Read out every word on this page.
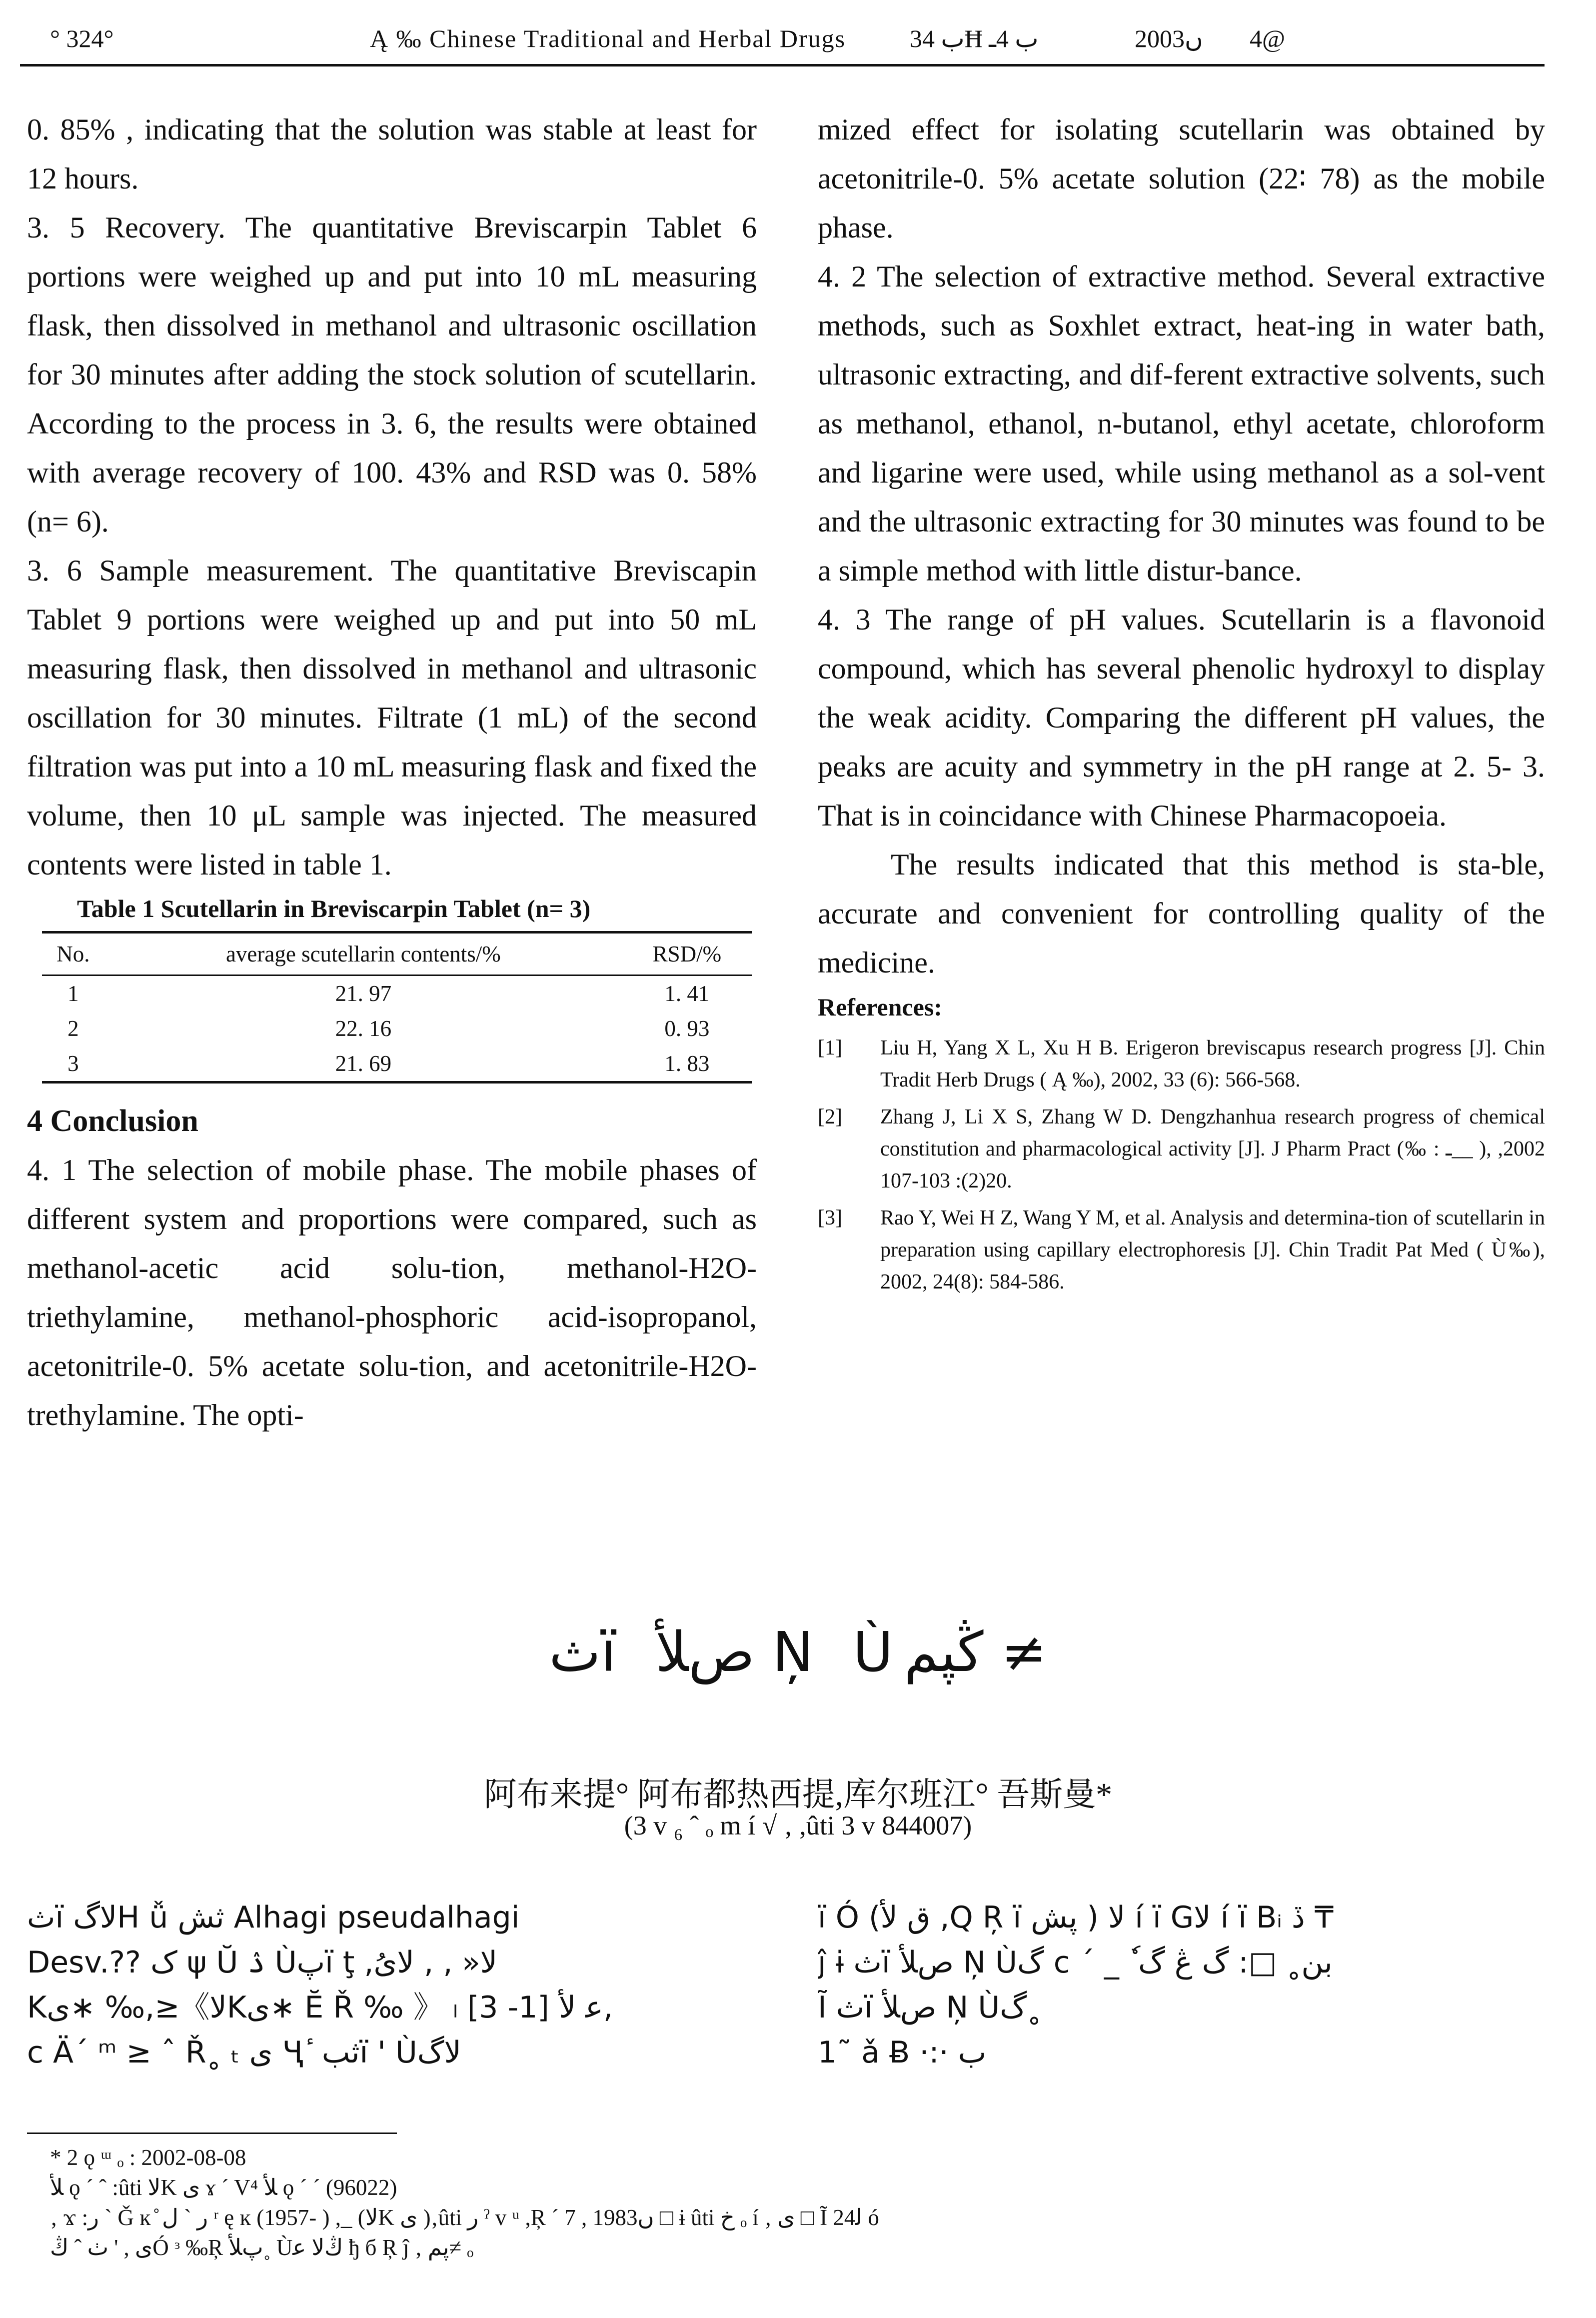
° 324°	Ą ‰ Chinese Traditional and Herbal Drugs	ب 34Ħ ب 4ـ	2003ں 4@

0. 85% , indicating that the solution was stable at least for 12 hours.

3. 5 Recovery. The quantitative Breviscarpin Tablet 6 portions were weighed up and put into 10 mL measuring flask, then dissolved in methanol and ultrasonic oscillation for 30 minutes after adding the stock solution of scutellarin. According to the process in 3. 6, the results were obtained with average recovery of 100. 43% and RSD was 0. 58% (n= 6).

3. 6 Sample measurement. The quantitative Breviscapin Tablet 9 portions were weighed up and put into 50 mL measuring flask, then dissolved in methanol and ultrasonic oscillation for 30 minutes. Filtrate (1 mL) of the second filtration was put into a 10 mL measuring flask and fixed the volume, then 10 μL sample was injected. The measured contents were listed in table 1.

Table 1 Scutellarin in Breviscarpin Tablet (n= 3)
No.	average scutellarin contents/%	RSD/%
1	21. 97	1. 41
2	22. 16	0. 93
3	21. 69	1. 83

4 Conclusion

4. 1 The selection of mobile phase. The mobile phases of different system and proportions were compared, such as methanol-acetic acid solu-tion, methanol-H2O-triethylamine, methanol-phosphoric acid-isopropanol, acetonitrile-0. 5% acetate solu-tion, and acetonitrile-H2O-trethylamine. The opti-

mized effect for isolating scutellarin was obtained by acetonitrile-0. 5% acetate solution (22∶ 78) as the mobile phase.

4. 2 The selection of extractive method. Several extractive methods, such as Soxhlet extract, heat-ing in water bath, ultrasonic extracting, and dif-ferent extractive solvents, such as methanol, ethanol, n-butanol, ethyl acetate, chloroform and ligarine were used, while using methanol as a sol-vent and the ultrasonic extracting for 30 minutes was found to be a simple method with little distur-bance.

4. 3 The range of pH values. Scutellarin is a flavonoid compound, which has several phenolic hydroxyl to display the weak acidity. Comparing the different pH values, the peaks are acuity and symmetry in the pH range at 2. 5- 3. That is in coincidance with Chinese Pharmacopoeia.

The results indicated that this method is sta-ble, accurate and convenient for controlling quality of the medicine.

References:
[1]	Liu H, Yang X L, Xu H B. Erigeron breviscapus research progress [J]. Chin Tradit Herb Drugs ( Ą ‰), 2002, 33 (6): 566-568.
[2]	Zhang J, Li X S, Zhang W D. Dengzhanhua research progress of chemical constitution and pharmacological activity [J]. J Pharm Pract (‰ : ـ__ ), 2002, 20(2): 103-107.
[3]	Rao Y, Wei H Z, Wang Y M, et al. Analysis and determina-tion of scutellarin in preparation using capillary electrophoresis [J]. Chin Tradit Pat Med ( Ù‰), 2002, 24(8): 584-586.
ثï صﻸ Ņ Ùڭپم ≠
阿布来提° 阿布都热西提,库尔班江° 吾斯曼*
(3 v ₆ ˆ ₒ m í √ ‚ ,ûti 3 v 844007)

ثï ﻻگH ǚ ثش Alhagi pseudalhagi

Desv.?? ک ψ Ŭ ۮ Ùپï ţ ,ﻻ« ‚ ‚ ﻻىُ

Kى∗ ‰,≥《ﻻKى∗ Ĕ Ř ‰ 》 ₗ ﻋ ﻷ [1- 3],

c Ä´ ᵐ ≥ ˆ Ř˳ ₜ ى Ҷ ٔ ثبï ' Ùﻻگ

ï Ó (ق ﻷ ,Q Ŗ ï پش ) ﻻ í ï Gﻻ í ï Bᵢ ڏ ₸

ĵ ɨ ثï صﻸ Ņ Ùگ c ´ _ ٗ بن˳ □: گ ڠ گ

Ĩ ثï صﻸ Ņ Ùگ˳

1˜ ǎ Ƀ ·:· ب

* 2 ǫ ᵚ ₒ : 2002-08-08

ﻸ ǫ ´ ˆ :ûti ﻻK ى ɤ ´ V⁴ ﻸ ǫ ´ ´ (96022)

‚ ϫ :ر ˋ Ǧ ĸ ̊ ر ˋ ﻝ ʳ ę ĸ (1957- ) ,_ (ﻻK ى )‚ûti ر ˀ v ᵘ ,Ŗ ´ 7 , 1983ں □ ɨ ûti خ ₒ í ‚ ى □ Ĩ 24ﻟ ó

ى , ' ٺ ˆ ڭÓ ᵌ ‰Ŗ پﻸ˳ Ùڭﻻ ﻋ ђ б Ŗ ĵ ‚ پم≠ ₒ
